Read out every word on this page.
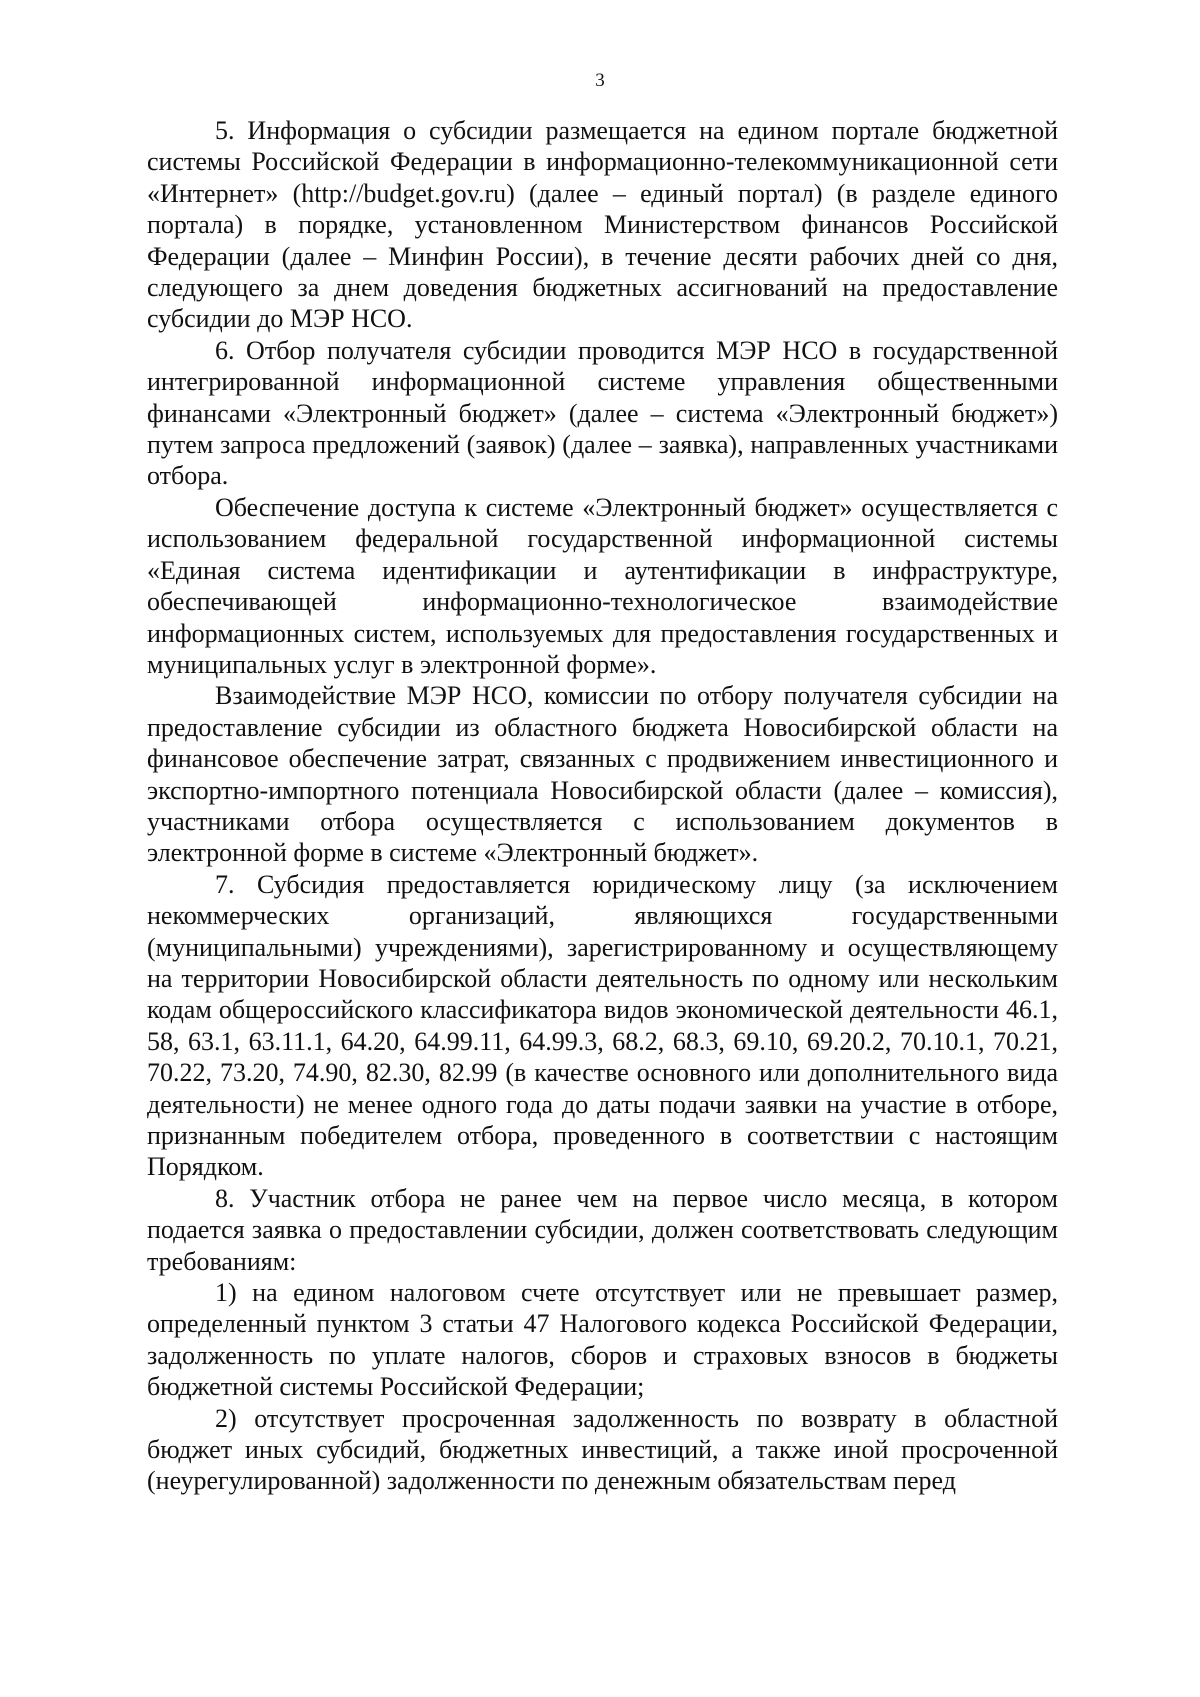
3

5. Информация о субсидии размещается на едином портале бюджетной системы Российской Федерации в информационно-телекоммуникационной сети «Интернет» (http://budget.gov.ru) (далее – единый портал) (в разделе единого портала) в порядке, установленном Министерством финансов Российской Федерации (далее – Минфин России), в течение десяти рабочих дней со дня, следующего за днем доведения бюджетных ассигнований на предоставление субсидии до МЭР НСО.

6. Отбор получателя субсидии проводится МЭР НСО в государственной интегрированной информационной системе управления общественными финансами «Электронный бюджет» (далее – система «Электронный бюджет») путем запроса предложений (заявок) (далее – заявка), направленных участниками отбора.

Обеспечение доступа к системе «Электронный бюджет» осуществляется с использованием федеральной государственной информационной системы «Единая система идентификации и аутентификации в инфраструктуре, обеспечивающей информационно-технологическое взаимодействие информационных систем, используемых для предоставления государственных и муниципальных услуг в электронной форме».

Взаимодействие МЭР НСО, комиссии по отбору получателя субсидии на предоставление субсидии из областного бюджета Новосибирской области на финансовое обеспечение затрат, связанных с продвижением инвестиционного и экспортно-импортного потенциала Новосибирской области (далее – комиссия), участниками отбора осуществляется с использованием документов в электронной форме в системе «Электронный бюджет».

7. Субсидия предоставляется юридическому лицу (за исключением некоммерческих организаций, являющихся государственными (муниципальными) учреждениями), зарегистрированному и осуществляющему на территории Новосибирской области деятельность по одному или нескольким кодам общероссийского классификатора видов экономической деятельности 46.1, 58, 63.1, 63.11.1, 64.20, 64.99.11, 64.99.3, 68.2, 68.3, 69.10, 69.20.2, 70.10.1, 70.21, 70.22, 73.20, 74.90, 82.30, 82.99 (в качестве основного или дополнительного вида деятельности) не менее одного года до даты подачи заявки на участие в отборе, признанным победителем отбора, проведенного в соответствии с настоящим Порядком.

8. Участник отбора не ранее чем на первое число месяца, в котором подается заявка о предоставлении субсидии, должен соответствовать следующим требованиям:

1) на едином налоговом счете отсутствует или не превышает размер, определенный пунктом 3 статьи 47 Налогового кодекса Российской Федерации, задолженность по уплате налогов, сборов и страховых взносов в бюджеты бюджетной системы Российской Федерации;

2) отсутствует просроченная задолженность по возврату в областной бюджет иных субсидий, бюджетных инвестиций, а также иной просроченной (неурегулированной) задолженности по денежным обязательствам перед
